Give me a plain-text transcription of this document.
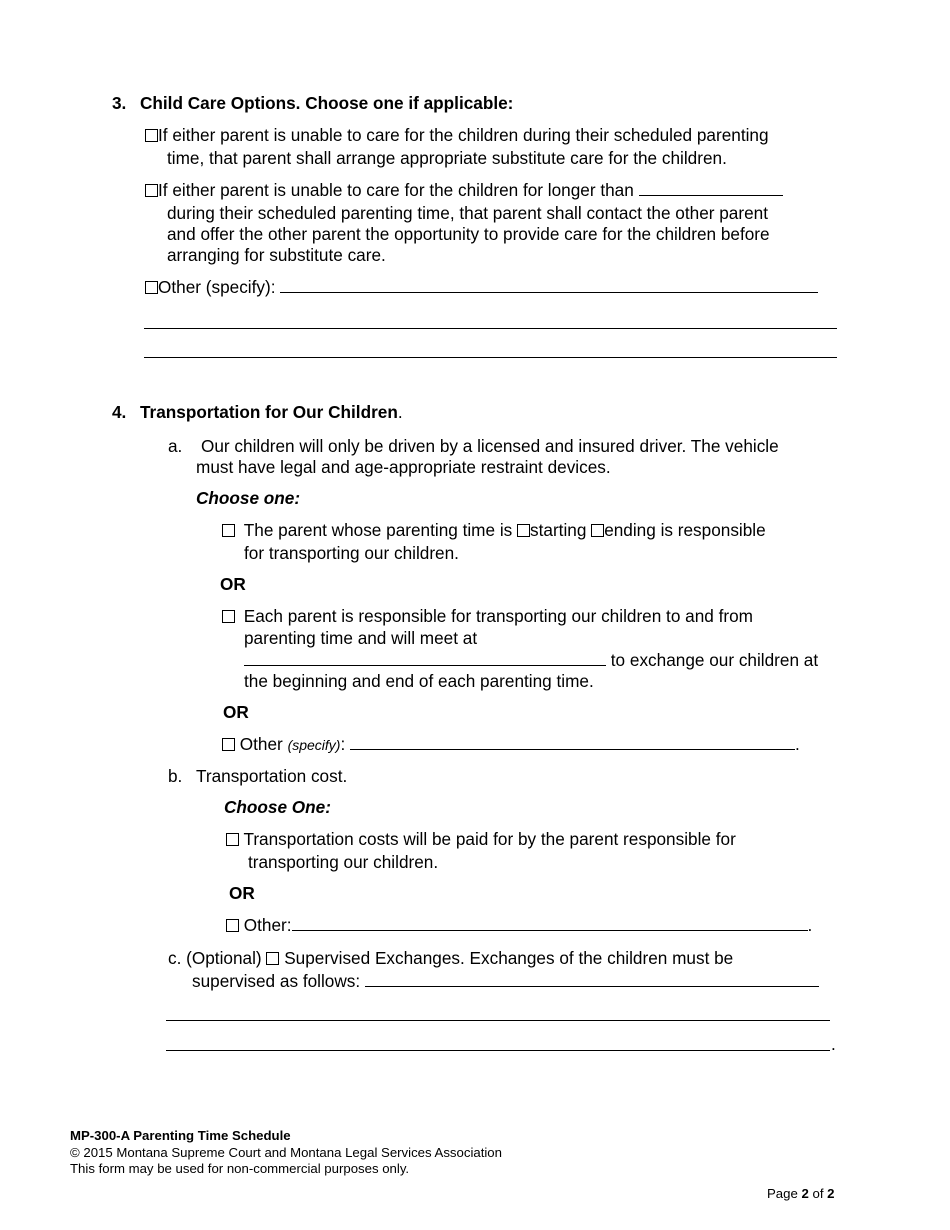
3. Child Care Options. Choose one if applicable:
If either parent is unable to care for the children during their scheduled parenting
time, that parent shall arrange appropriate substitute care for the children.
If either parent is unable to care for the children for longer than
during their scheduled parenting time, that parent shall contact the other parent
and offer the other parent the opportunity to provide care for the children before
arranging for substitute care.
Other (specify):
4. Transportation for Our Children.
a. Our children will only be driven by a licensed and insured driver. The vehicle
must have legal and age-appropriate restraint devices.
Choose one:
The parent whose parenting time is starting ending is responsible
for transporting our children.
OR
Each parent is responsible for transporting our children to and from
parenting time and will meet at
to exchange our children at
the beginning and end of each parenting time.
OR
Other (specify):	.
b. Transportation cost.
Choose One:
Transportation costs will be paid for by the parent responsible for
transporting our children.
OR
Other:	.
c. (Optional) Supervised Exchanges. Exchanges of the children must be
supervised as follows:
.
MP-300-A Parenting Time Schedule
© 2015 Montana Supreme Court and Montana Legal Services Association
This form may be used for non-commercial purposes only.
Page 2 of 2
